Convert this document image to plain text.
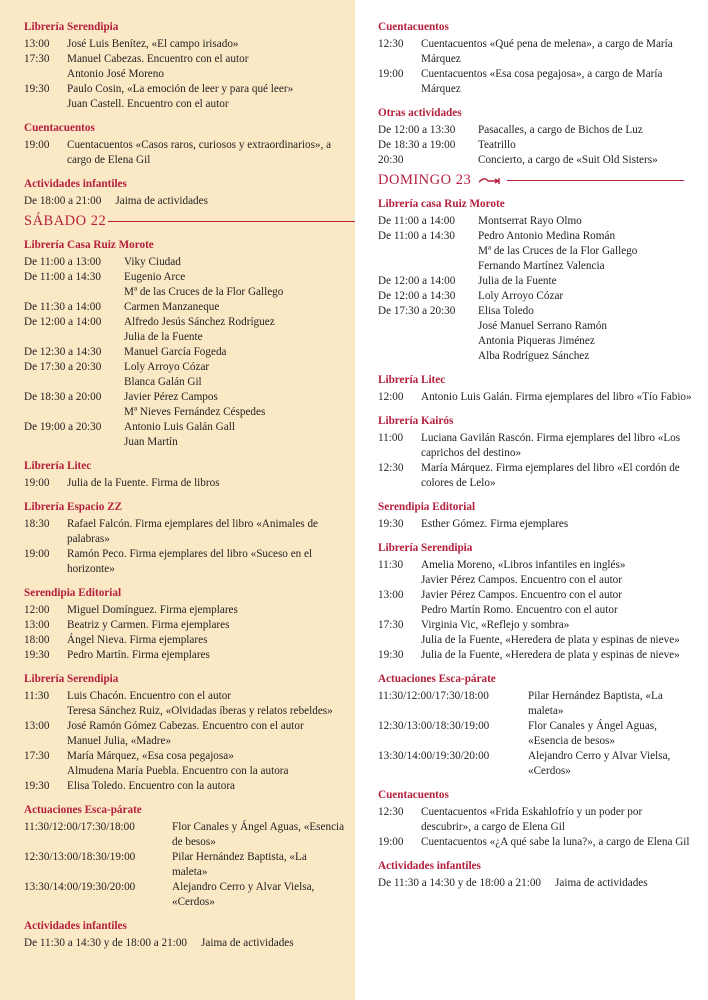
Librería Serendipia
13:00	José Luis Benítez, «El campo irisado»
17:30	Manuel Cabezas. Encuentro con el autor
Antonio José Moreno
19:30	Paulo Cosin, «La emoción de leer y para qué leer»
Juan Castell. Encuentro con el autor
Cuentacuentos
19:00	Cuentacuentos «Casos raros, curiosos y extraordinarios», a cargo de Elena Gil
Actividades infantiles
De 18:00 a 21:00	Jaima de actividades
SÁBADO 22
Librería Casa Ruiz Morote
De 11:00 a 13:00	Viky Ciudad
De 11:00 a 14:30	Eugenio Arce
Mª de las Cruces de la Flor Gallego
De 11:30 a 14:00	Carmen Manzaneque
De 12:00 a 14:00	Alfredo Jesús Sánchez Rodríguez
Julia de la Fuente
De 12:30 a 14:30	Manuel García Fogeda
De 17:30 a 20:30	Loly Arroyo Cózar
Blanca Galán Gil
De 18:30 a 20:00	Javier Pérez Campos
Mª Nieves Fernández Céspedes
De 19:00 a 20:30	Antonio Luis Galán Gall
Juan Martín
Librería Litec
19:00	Julia de la Fuente. Firma de libros
Librería Espacio ZZ
18:30	Rafael Falcón. Firma ejemplares del libro «Animales de palabras»
19:00	Ramón Peco. Firma ejemplares del libro «Suceso en el horizonte»
Serendipia Editorial
12:00	Miguel Domínguez. Firma ejemplares
13:00	Beatriz y Carmen. Firma ejemplares
18:00	Ángel Nieva. Firma ejemplares
19:30	Pedro Martín. Firma ejemplares
Librería Serendipia
11:30	Luis Chacón. Encuentro con el autor
Teresa Sánchez Ruiz, «Olvidadas íberas y relatos rebeldes»
13:00	José Ramón Gómez Cabezas. Encuentro con el autor
Manuel Julia, «Madre»
17:30	María Márquez, «Esa cosa pegajosa»
Almudena María Puebla. Encuentro con la autora
19:30	Elisa Toledo. Encuentro con la autora
Actuaciones Esca-párate
11:30/12:00/17:30/18:00	Flor Canales y Ángel Aguas, «Esencia de besos»
12:30/13:00/18:30/19:00	Pilar Hernández Baptista, «La maleta»
13:30/14:00/19:30/20:00	Alejandro Cerro y Alvar Vielsa, «Cerdos»
Actividades infantiles
De 11:30 a 14:30 y de 18:00 a 21:00	Jaima de actividades
Cuentacuentos
12:30	Cuentacuentos «Qué pena de melena», a cargo de María Márquez
19:00	Cuentacuentos «Esa cosa pegajosa», a cargo de María Márquez
Otras actividades
De 12:00 a 13:30	Pasacalles, a cargo de Bichos de Luz
De 18:30 a 19:00	Teatrillo
20:30	Concierto, a cargo de «Suit Old Sisters»
DOMINGO 23
Librería casa Ruiz Morote
De 11:00 a 14:00	Montserrat Rayo Olmo
De 11:00 a 14:30	Pedro Antonio Medina Román
Mª de las Cruces de la Flor Gallego
Fernando Martínez Valencia
De 12:00 a 14:00	Julia de la Fuente
De 12:00 a 14:30	Loly Arroyo Cózar
De 17:30 a 20:30	Elisa Toledo
José Manuel Serrano Ramón
Antonia Piqueras Jiménez
Alba Rodríguez Sánchez
Librería Litec
12:00	Antonio Luis Galán. Firma ejemplares del libro «Tío Fabio»
Librería Kairós
11:00	Luciana Gavilán Rascón. Firma ejemplares del libro «Los caprichos del destino»
12:30	María Márquez. Firma ejemplares del libro «El cordón de colores de Lelo»
Serendipia Editorial
19:30	Esther Gómez. Firma ejemplares
Librería Serendipia
11:30	Amelia Moreno, «Libros infantiles en inglés»
Javier Pérez Campos. Encuentro con el autor
13:00	Javier Pérez Campos. Encuentro con el autor
Pedro Martín Romo. Encuentro con el autor
17:30	Virginia Vic, «Reflejo y sombra»
Julia de la Fuente, «Heredera de plata y espinas de nieve»
19:30	Julia de la Fuente, «Heredera de plata y espinas de nieve»
Actuaciones Esca-párate
11:30/12:00/17:30/18:00	Pilar Hernández Baptista, «La maleta»
12:30/13:00/18:30/19:00	Flor Canales y Ángel Aguas, «Esencia de besos»
13:30/14:00/19:30/20:00	Alejandro Cerro y Alvar Vielsa, «Cerdos»
Cuentacuentos
12:30	Cuentacuentos «Frida Eskahlofrío y un poder por descubrir», a cargo de Elena Gil
19:00	Cuentacuentos «¿A qué sabe la luna?», a cargo de Elena Gil
Actividades infantiles
De 11:30 a 14:30 y de 18:00 a 21:00	Jaima de actividades
